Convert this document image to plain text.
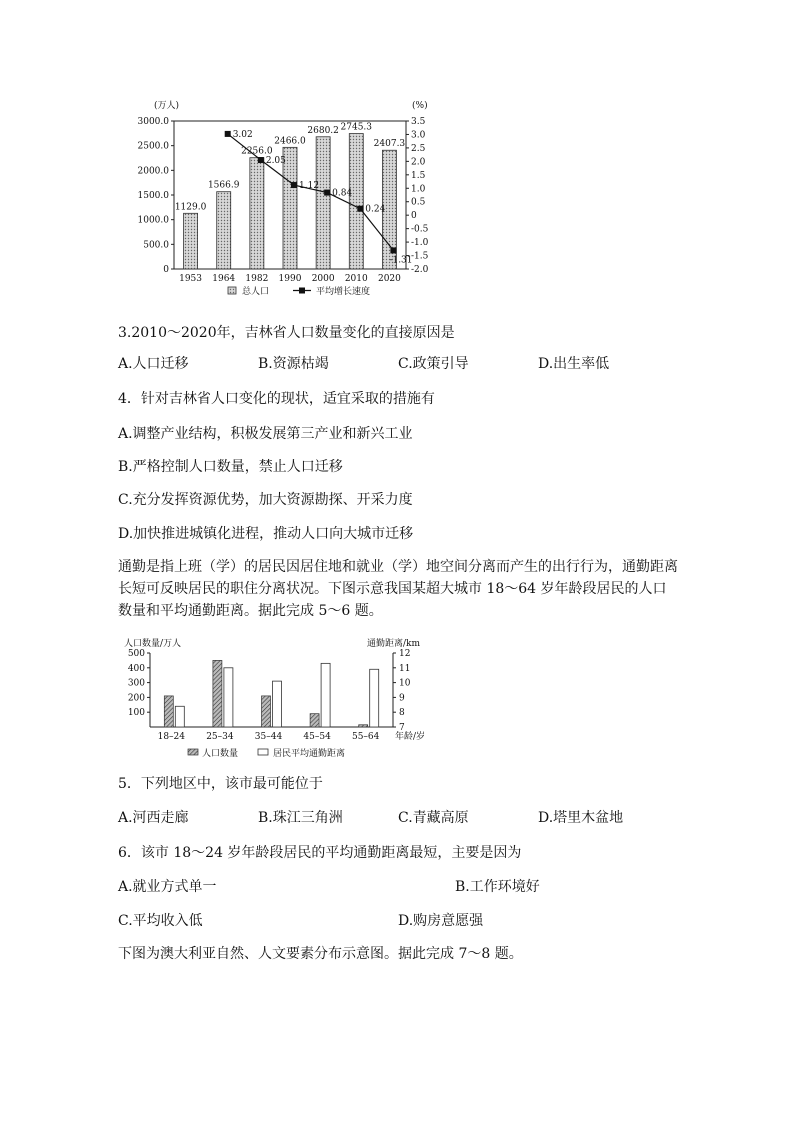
(万人)	(%)
3000.0
2500.0
2000.0
1500.0
1000.0
500.0
0
3.5
3.0
2.5
2.0
1.5
1.0
0.5
0
-0.5
-1.0
-1.5
-2.0
1129.0
1953
1566.9
1964
2256.0
1982
2466.0
1990
2680.2
2000
2745.3
2010
2407.3
2020
3.02
2.05
1.12
0.84
0.24
-1.31
总人口	平均增长速度
3.2010～2020年，吉林省人口数量变化的直接原因是
A.人口迁移	B.资源枯竭	C.政策引导	D.出生率低
4．针对吉林省人口变化的现状，适宜采取的措施有
A.调整产业结构，积极发展第三产业和新兴工业
B.严格控制人口数量，禁止人口迁移
C.充分发挥资源优势，加大资源勘探、开采力度
D.加快推进城镇化进程，推动人口向大城市迁移
通勤是指上班（学）的居民因居住地和就业（学）地空间分离而产生的出行行为，通勤距离长短可反映居民的职住分离状况。下图示意我国某超大城市 18～64 岁年龄段居民的人口数量和平均通勤距离。据此完成 5～6 题。
人口数量/万人	通勤距离/km
500
400
300
200
100
12
11
10
9
8
7
18–24 25–34 35–44 45–54 55–64 年龄/岁
人口数量	居民平均通勤距离
5．下列地区中，该市最可能位于
A.河西走廊	B.珠江三角洲	C.青藏高原	D.塔里木盆地
6．该市 18～24 岁年龄段居民的平均通勤距离最短，主要是因为
A.就业方式单一	B.工作环境好
C.平均收入低	D.购房意愿强
下图为澳大利亚自然、人文要素分布示意图。据此完成 7～8 题。
